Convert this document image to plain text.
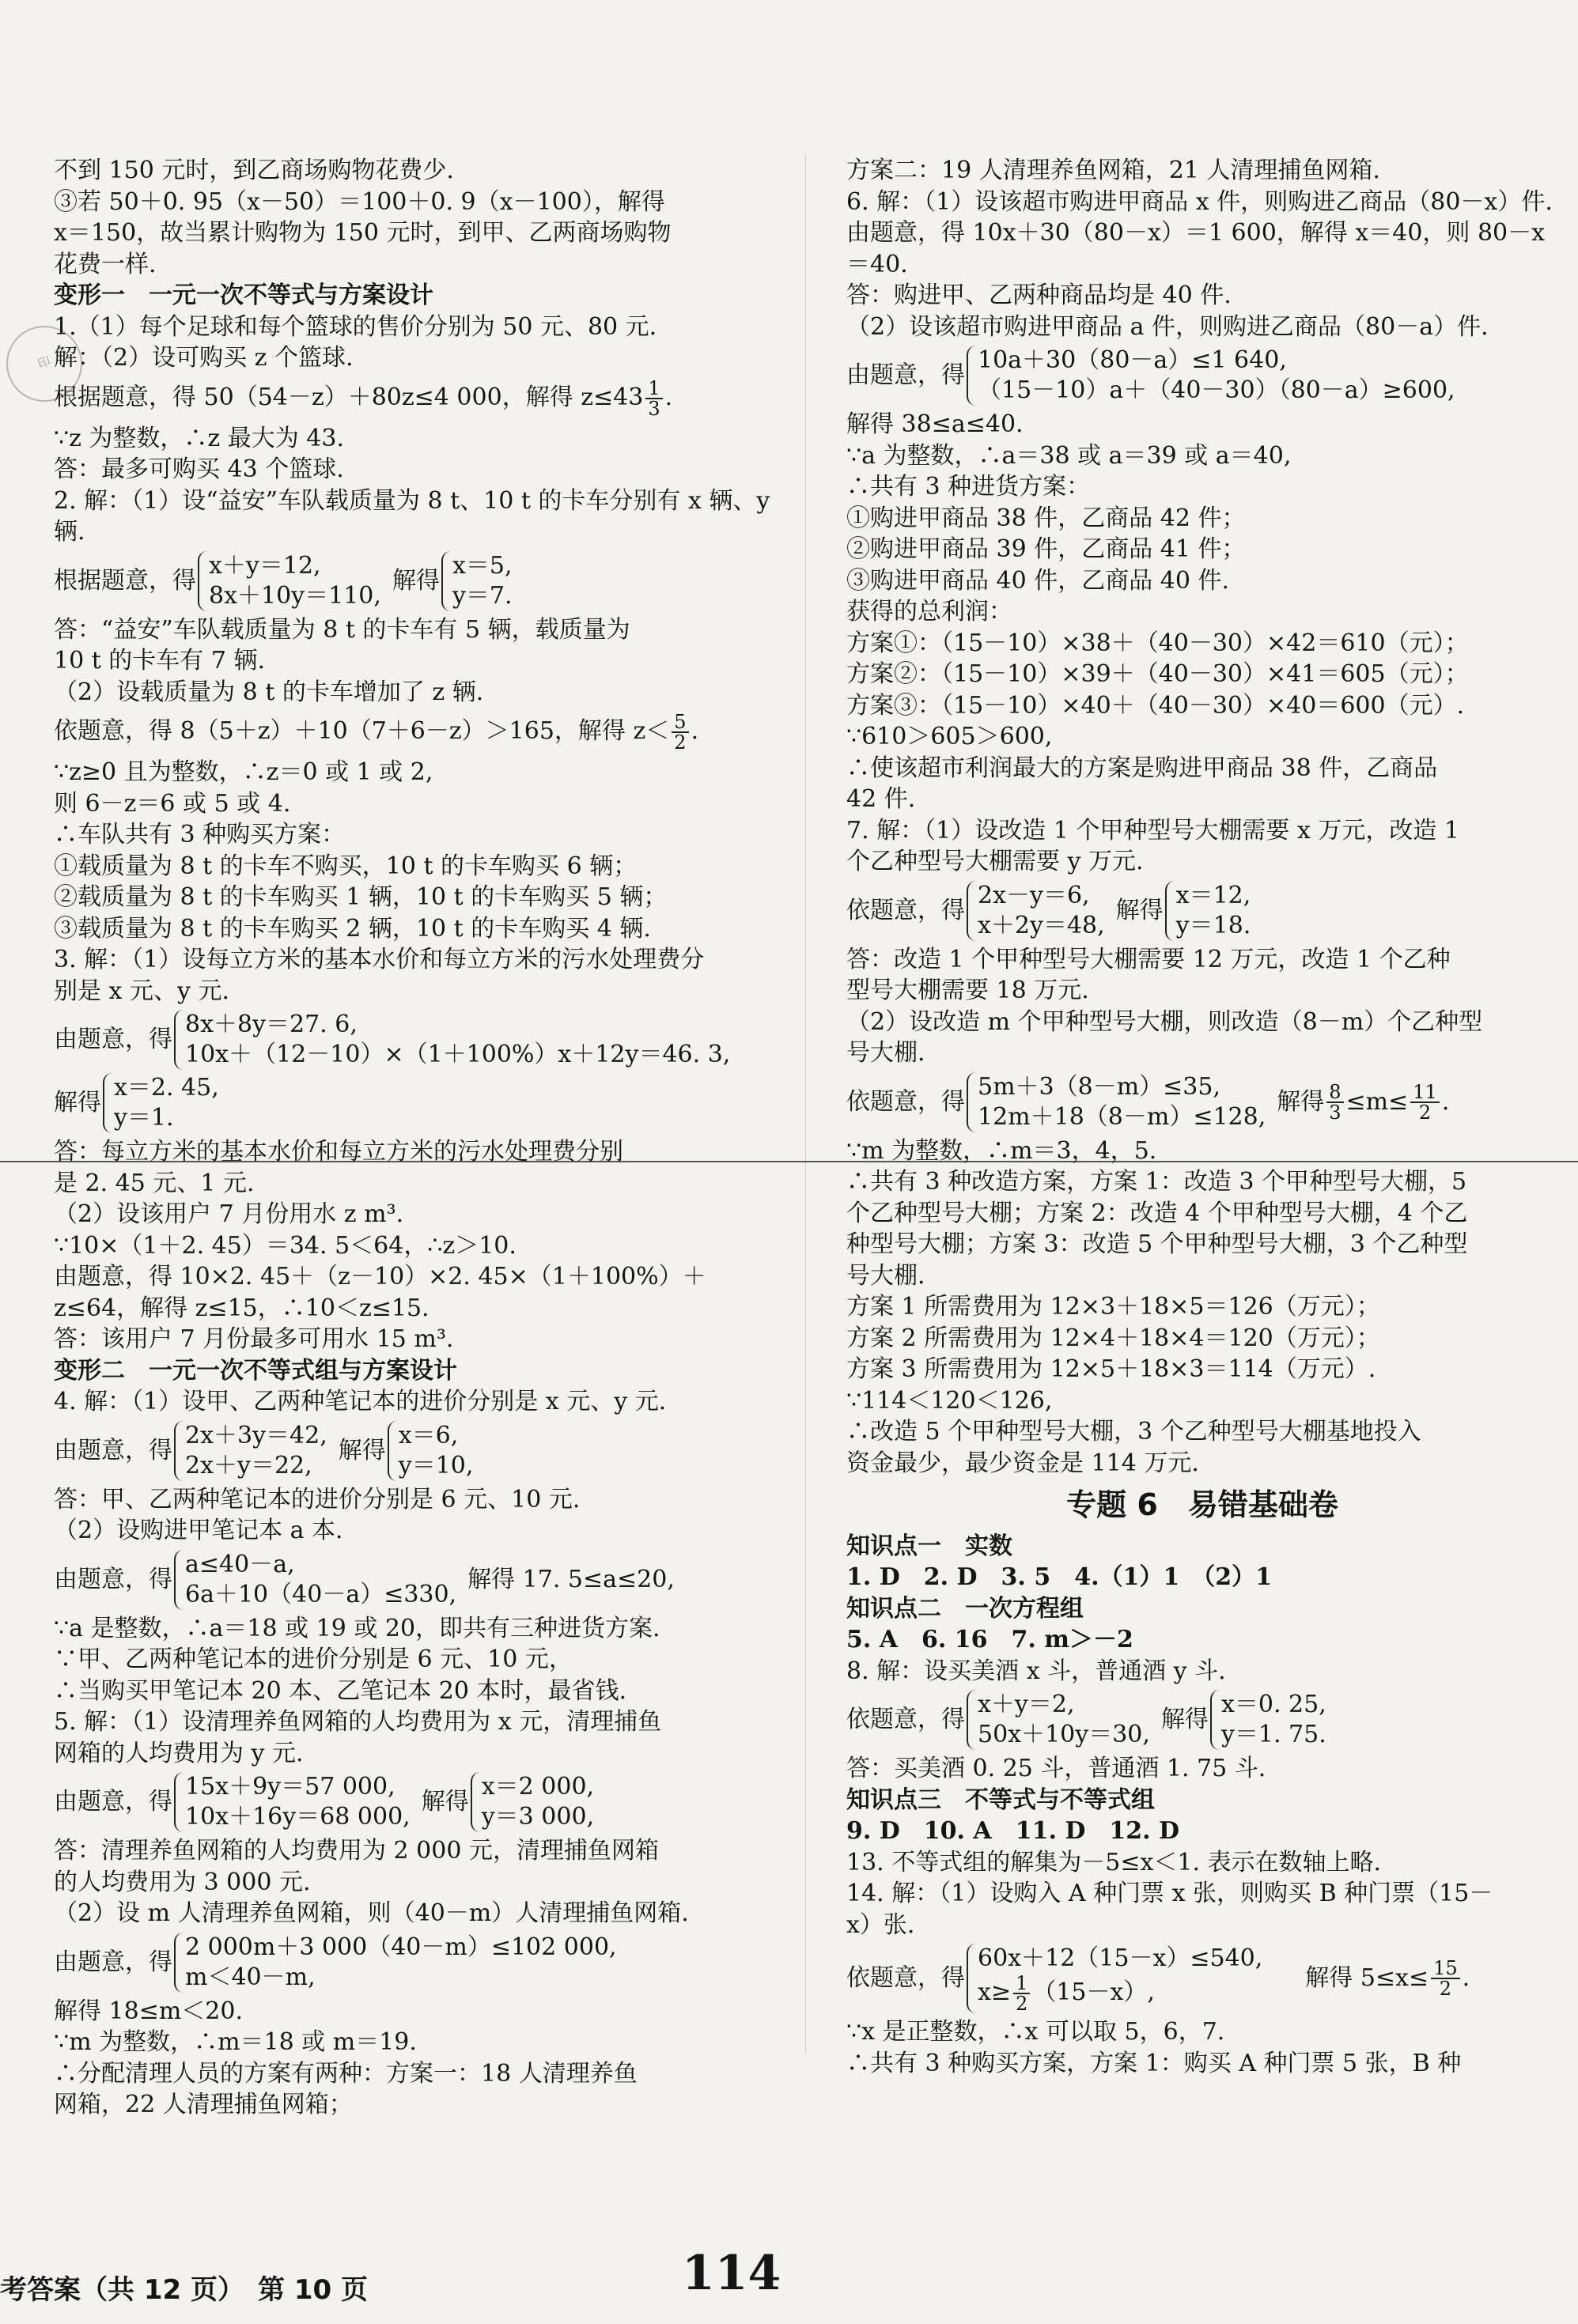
印
不到 150 元时，到乙商场购物花费少.
③若 50＋0. 95（x－50）＝100＋0. 9（x－100），解得
x＝150，故当累计购物为 150 元时，到甲、乙两商场购物
花费一样.
变形一　一元一次不等式与方案设计
1.（1）每个足球和每个篮球的售价分别为 50 元、80 元.
解：（2）设可购买 z 个篮球.
根据题意，得 50（54－z）＋80z≤4 000，解得 $z\le 43 \frac{1}{3}$ .
∵z 为整数，∴z 最大为 43.
答：最多可购买 43 个篮球.
2. 解：（1）设“益安”车队载质量为 8 t、10 t 的卡车分别有 x 辆、y
辆.
根据题意，得
x＋y＝12,
8x＋10y＝110,
解得
x＝5,
y＝7.
答：“益安”车队载质量为 8 t 的卡车有 5 辆，载质量为
10 t 的卡车有 7 辆.
（2）设载质量为 8 t 的卡车增加了 z 辆.
依题意，得 8（5＋z）＋10（7＋6－z）＞165，解得 $z< \frac{5}{2}$ .
∵z≥0 且为整数，∴z＝0 或 1 或 2,
则 6－z＝6 或 5 或 4.
∴车队共有 3 种购买方案：
①载质量为 8 t 的卡车不购买，10 t 的卡车购买 6 辆；
②载质量为 8 t 的卡车购买 1 辆，10 t 的卡车购买 5 辆；
③载质量为 8 t 的卡车购买 2 辆，10 t 的卡车购买 4 辆.
3. 解：（1）设每立方米的基本水价和每立方米的污水处理费分
别是 x 元、y 元.
由题意，得
8x＋8y＝27. 6,
10x＋（12－10）×（1＋100%）x＋12y＝46. 3,
解得
x＝2. 45,
y＝1.
答：每立方米的基本水价和每立方米的污水处理费分别
是 2. 45 元、1 元.
（2）设该用户 7 月份用水 z m³.
∵10×（1＋2. 45）＝34. 5＜64，∴z＞10.
由题意，得 10×2. 45＋（z－10）×2. 45×（1＋100%）＋
z≤64，解得 z≤15，∴10＜z≤15.
答：该用户 7 月份最多可用水 15 m³.
变形二　一元一次不等式组与方案设计
4. 解：（1）设甲、乙两种笔记本的进价分别是 x 元、y 元.
由题意，得
2x＋3y＝42,
2x＋y＝22,
解得
x＝6,
y＝10,
答：甲、乙两种笔记本的进价分别是 6 元、10 元.
（2）设购进甲笔记本 a 本.
由题意，得
a≤40－a,
6a＋10（40－a）≤330,
解得 17. 5≤a≤20,
∵a 是整数，∴a＝18 或 19 或 20，即共有三种进货方案.
∵甲、乙两种笔记本的进价分别是 6 元、10 元，
∴当购买甲笔记本 20 本、乙笔记本 20 本时，最省钱.
5. 解：（1）设清理养鱼网箱的人均费用为 x 元，清理捕鱼
网箱的人均费用为 y 元.
由题意，得
15x＋9y＝57 000,
10x＋16y＝68 000,
解得
x＝2 000,
y＝3 000,
答：清理养鱼网箱的人均费用为 2 000 元，清理捕鱼网箱
的人均费用为 3 000 元.
（2）设 m 人清理养鱼网箱，则（40－m）人清理捕鱼网箱.
由题意，得
2 000m＋3 000（40－m）≤102 000,
m＜40－m,
解得 18≤m＜20.
∵m 为整数，∴m＝18 或 m＝19.
∴分配清理人员的方案有两种：方案一：18 人清理养鱼
网箱，22 人清理捕鱼网箱；
方案二：19 人清理养鱼网箱，21 人清理捕鱼网箱.
6. 解：（1）设该超市购进甲商品 x 件，则购进乙商品（80－x）件.
由题意，得 10x＋30（80－x）＝1 600，解得 x＝40，则 80－x
＝40.
答：购进甲、乙两种商品均是 40 件.
（2）设该超市购进甲商品 a 件，则购进乙商品（80－a）件.
由题意，得
10a＋30（80－a）≤1 640,
（15－10）a＋（40－30）（80－a）≥600,
解得 38≤a≤40.
∵a 为整数，∴a＝38 或 a＝39 或 a＝40,
∴共有 3 种进货方案：
①购进甲商品 38 件，乙商品 42 件；
②购进甲商品 39 件，乙商品 41 件；
③购进甲商品 40 件，乙商品 40 件.
获得的总利润：
方案①：（15－10）×38＋（40－30）×42＝610（元）；
方案②：（15－10）×39＋（40－30）×41＝605（元）；
方案③：（15－10）×40＋（40－30）×40＝600（元）.
∵610＞605＞600,
∴使该超市利润最大的方案是购进甲商品 38 件，乙商品
42 件.
7. 解：（1）设改造 1 个甲种型号大棚需要 x 万元，改造 1
个乙种型号大棚需要 y 万元.
依题意，得
2x－y＝6,
x＋2y＝48,
解得
x＝12,
y＝18.
答：改造 1 个甲种型号大棚需要 12 万元，改造 1 个乙种
型号大棚需要 18 万元.
（2）设改造 m 个甲种型号大棚，则改造（8－m）个乙种型
号大棚.
依题意，得
5m＋3（8－m）≤35,
12m＋18（8－m）≤128,
解得 $\frac{8}{3} \le m\le \frac{11}{2}$ .
∵m 为整数，∴m＝3，4，5.
∴共有 3 种改造方案，方案 1：改造 3 个甲种型号大棚，5
个乙种型号大棚；方案 2：改造 4 个甲种型号大棚，4 个乙
种型号大棚；方案 3：改造 5 个甲种型号大棚，3 个乙种型
号大棚.
方案 1 所需费用为 12×3＋18×5＝126（万元）；
方案 2 所需费用为 12×4＋18×4＝120（万元）；
方案 3 所需费用为 12×5＋18×3＝114（万元）.
∵114＜120＜126,
∴改造 5 个甲种型号大棚，3 个乙种型号大棚基地投入
资金最少，最少资金是 114 万元.
专题 6　易错基础卷
知识点一　实数
1. D　2. D　3. 5　4.（1）1　（2）1
知识点二　一次方程组
5. A　6. 16　7. m＞－2
8. 解：设买美酒 x 斗，普通酒 y 斗.
依题意，得
x＋y＝2,
50x＋10y＝30,
解得
x＝0. 25,
y＝1. 75.
答：买美酒 0. 25 斗，普通酒 1. 75 斗.
知识点三　不等式与不等式组
9. D　10. A　11. D　12. D
13. 不等式组的解集为－5≤x＜1. 表示在数轴上略.
14. 解：（1）设购入 A 种门票 x 张，则购买 B 种门票（15－
x）张.
依题意，得
60x＋12（15－x）≤540,
$x\ge \frac{1}{2} (15-x)$,
解得 $5\le x\le \frac{15}{2}$ .
∵x 是正整数，∴x 可以取 5，6，7.
∴共有 3 种购买方案，方案 1：购买 A 种门票 5 张，B 种
考答案（共 12 页）　第 10 页	114
